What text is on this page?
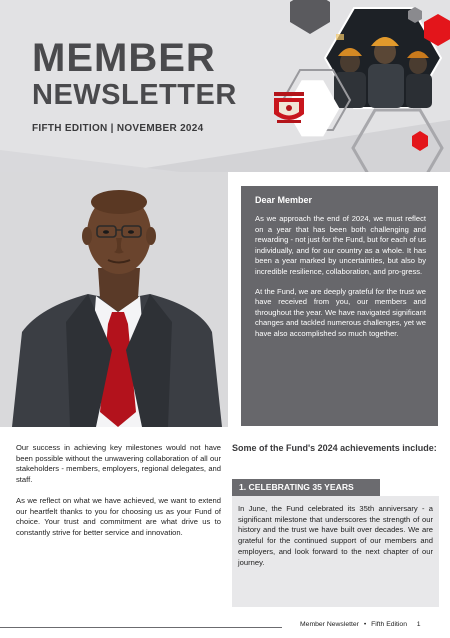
MEMBER
NEWSLETTER
FIFTH EDITION | NOVEMBER 2024

Dear Member

As we approach the end of 2024, we must reflect on a year that has been both challenging and rewarding - not just for the Fund, but for each of us individually, and for our country as a whole. It has been a year marked by uncertainties, but also by incredible resilience, collaboration, and pro-gress.

At the Fund, we are deeply grateful for the trust we have received from you, our members and throughout the year. We have navigated significant changes and tackled numerous challenges, yet we have also accomplished so much together.

Our success in achieving key milestones would not have been possible without the unwavering collaboration of all our stakeholders - members, employers, regional delegates, and staff.

As we reflect on what we have achieved, we want to extend our heartfelt thanks to you for choosing us as your Fund of choice. Your trust and commitment are what drive us to constantly strive for better service and innovation.

Some of the Fund's 2024 achievements include:

1. CELEBRATING 35 YEARS

In June, the Fund celebrated its 35th anniversary - a significant milestone that underscores the strength of our history and the trust we have built over decades. We are grateful for the continued support of our members and employers, and look forward to the next chapter of our journey.

Member Newsletter • Fifth Edition 1
